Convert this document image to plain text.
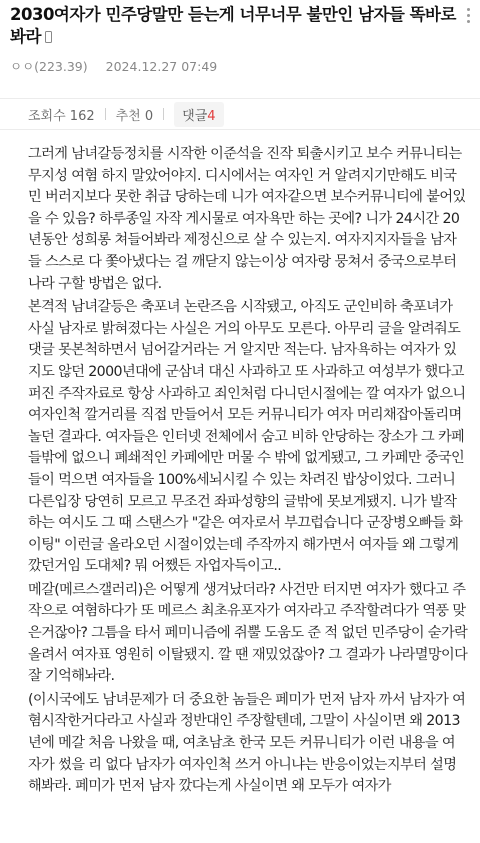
2030여자가 민주당말만 듣는게 너무너무 불만인 남자들 똑바로 봐라
ㅇㅇ(223.39) 2024.12.27 07:49
조회수 162 추천 0	댓글4

그러게 남녀갈등정치를 시작한 이준석을 진작 퇴출시키고 보수 커뮤니티는 무지성 여혐 하지 말았어야지. 디시에서는 여자인 거 알려지기만해도 비국민 버러지보다 못한 취급 당하는데 니가 여자같으면 보수커뮤니티에 붙어있을 수 있음? 하루종일 자작 게시물로 여자욕만 하는 곳에? 니가 24시간 20년동안 성희롱 쳐들어봐라 제정신으로 살 수 있는지. 여자지지자들을 남자들 스스로 다 쫓아냈다는 걸 깨닫지 않는이상 여자랑 뭉쳐서 중국으로부터 나라 구할 방법은 없다.

본격적 남녀갈등은 축포녀 논란즈음 시작됐고, 아직도 군인비하 축포녀가 사실 남자로 밝혀졌다는 사실은 거의 아무도 모른다. 아무리 글을 알려줘도 댓글 못본척하면서 넘어갈거라는 거 알지만 적는다. 남자욕하는 여자가 있지도 않던 2000년대에 군삼녀 대신 사과하고 또 사과하고 여성부가 했다고 퍼진 주작자료로 항상 사과하고 죄인처럼 다니던시절에는 깔 여자가 없으니 여자인척 깔거리를 직접 만들어서 모든 커뮤니티가 여자 머리채잡아돌리며 놀던 결과다. 여자들은 인터넷 전체에서 숨고 비하 안당하는 장소가 그 카페들밖에 없으니 폐쇄적인 카페에만 머물 수 밖에 없게됐고, 그 카페만 중국인들이 먹으면 여자들을 100%세뇌시킬 수 있는 차려진 밥상이었다. 그러니 다른입장 당연히 모르고 무조건 좌파성향의 글밖에 못보게됐지. 니가 발작하는 여시도 그 때 스탠스가 "같은 여자로서 부끄럽습니다 군장병오빠들 화이팅" 이런글 올라오던 시절이었는데 주작까지 해가면서 여자들 왜 그렇게 깠던거임 도대체? 뭐 어쨌든 자업자득이고..

메갈(메르스갤러리)은 어떻게 생겨났더라? 사건만 터지면 여자가 했다고 주작으로 여혐하다가 또 메르스 최초유포자가 여자라고 주작할려다가 역풍 맞은거잖아? 그틈을 타서 페미니즘에 쥐뿔 도움도 준 적 없던 민주당이 숟가락 올려서 여자표 영원히 이탈됐지. 깔 땐 재밌었잖아? 그 결과가 나라멸망이다 잘 기억해놔라.

(이시국에도 남녀문제가 더 중요한 놈들은 페미가 먼저 남자 까서 남자가 여혐시작한거다라고 사실과 정반대인 주장할텐데, 그말이 사실이면 왜 2013년에 메갈 처음 나왔을 때, 여초남초 한국 모든 커뮤니티가 이런 내용을 여자가 썼을 리 없다 남자가 여자인척 쓰거 아니냐는 반응이었는지부터 설명해봐라. 페미가 먼저 남자 깠다는게 사실이면 왜 모두가 여자가
